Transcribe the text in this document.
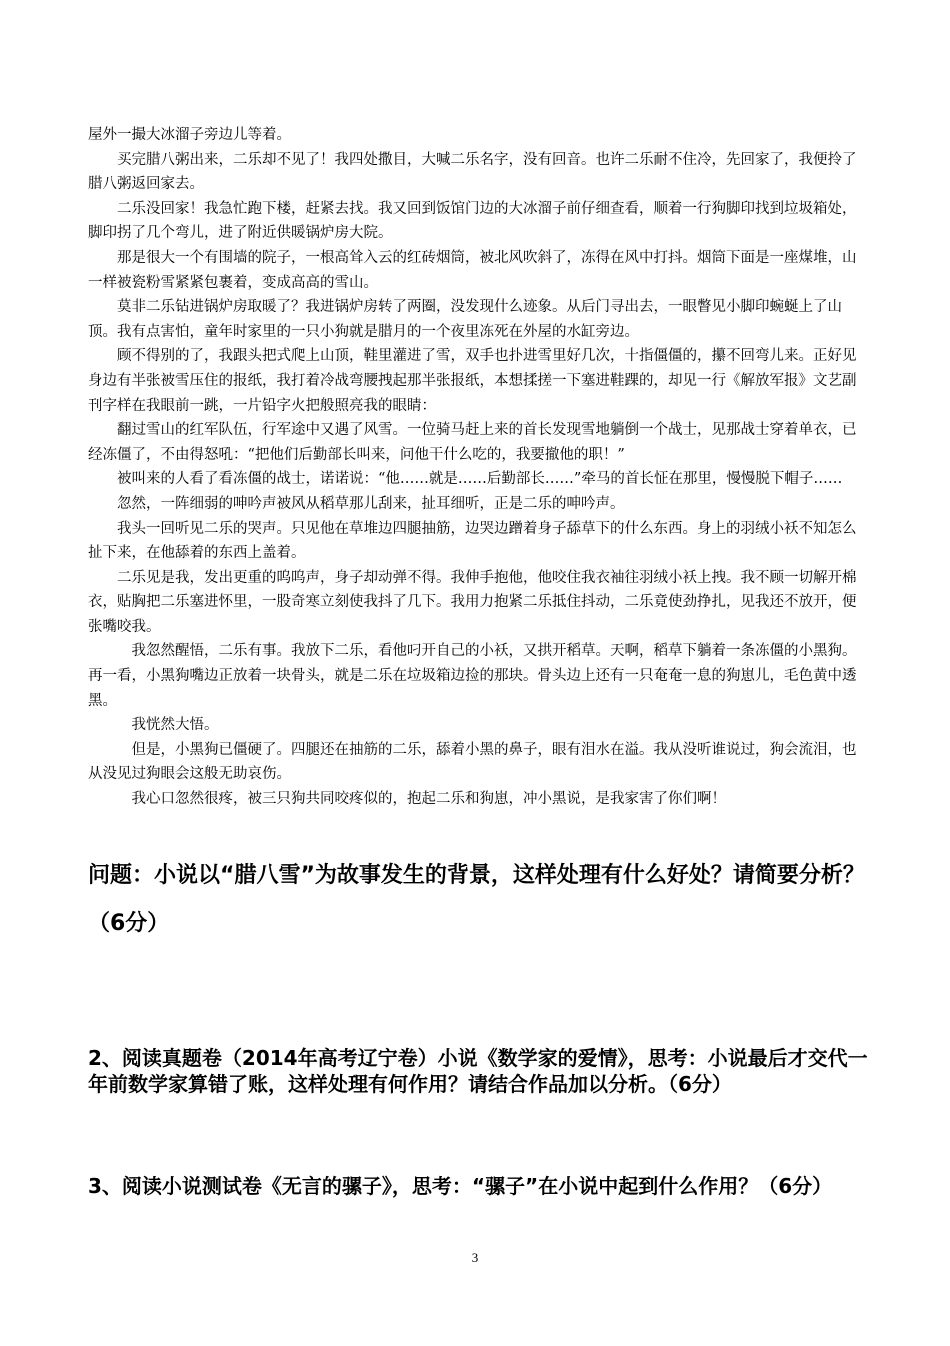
屋外一撮大冰溜子旁边儿等着。

买完腊八粥出来，二乐却不见了！我四处撒目，大喊二乐名字，没有回音。也许二乐耐不住冷，先回家了，我便拎了腊八粥返回家去。

二乐没回家！我急忙跑下楼，赶紧去找。我又回到饭馆门边的大冰溜子前仔细查看，顺着一行狗脚印找到垃圾箱处，脚印拐了几个弯儿，进了附近供暖锅炉房大院。

那是很大一个有围墙的院子，一根高耸入云的红砖烟筒，被北风吹斜了，冻得在风中打抖。烟筒下面是一座煤堆，山一样被瓷粉雪紧紧包裹着，变成高高的雪山。

莫非二乐钻进锅炉房取暖了？我进锅炉房转了两圈，没发现什么迹象。从后门寻出去，一眼瞥见小脚印蜿蜒上了山顶。我有点害怕，童年时家里的一只小狗就是腊月的一个夜里冻死在外屋的水缸旁边。

顾不得别的了，我跟头把式爬上山顶，鞋里灌进了雪，双手也扑进雪里好几次，十指僵僵的，攥不回弯儿来。正好见身边有半张被雪压住的报纸，我打着冷战弯腰拽起那半张报纸，本想揉搓一下塞进鞋踝的，却见一行《解放军报》文艺副刊字样在我眼前一跳，一片铅字火把般照亮我的眼睛：

翻过雪山的红军队伍，行军途中又遇了风雪。一位骑马赶上来的首长发现雪地躺倒一个战士，见那战士穿着单衣，已经冻僵了，不由得怒吼：“把他们后勤部长叫来，问他干什么吃的，我要撤他的职！”

被叫来的人看了看冻僵的战士，诺诺说：“他……就是……后勤部长……”牵马的首长怔在那里，慢慢脱下帽子……

忽然，一阵细弱的呻吟声被风从稻草那儿刮来，扯耳细听，正是二乐的呻吟声。

我头一回听见二乐的哭声。只见他在草堆边四腿抽筋，边哭边蹭着身子舔草下的什么东西。身上的羽绒小袄不知怎么扯下来，在他舔着的东西上盖着。

二乐见是我，发出更重的呜呜声，身子却动弹不得。我伸手抱他，他咬住我衣袖往羽绒小袄上拽。我不顾一切解开棉衣，贴胸把二乐塞进怀里，一股奇寒立刻使我抖了几下。我用力抱紧二乐抵住抖动，二乐竟使劲挣扎，见我还不放开，便张嘴咬我。

我忽然醒悟，二乐有事。我放下二乐，看他叼开自己的小袄，又拱开稻草。天啊，稻草下躺着一条冻僵的小黑狗。再一看，小黑狗嘴边正放着一块骨头，就是二乐在垃圾箱边捡的那块。骨头边上还有一只奄奄一息的狗崽儿，毛色黄中透黑。

我恍然大悟。

但是，小黑狗已僵硬了。四腿还在抽筋的二乐，舔着小黑的鼻子，眼有泪水在溢。我从没听谁说过，狗会流泪，也从没见过狗眼会这般无助哀伤。

我心口忽然很疼，被三只狗共同咬疼似的，抱起二乐和狗崽，冲小黑说，是我家害了你们啊！

问题：小说以“腊八雪”为故事发生的背景，这样处理有什么好处？请简要分析？（6分）

2、阅读真题卷（2014年高考辽宁卷）小说《数学家的爱情》，思考：小说最后才交代一年前数学家算错了账，这样处理有何作用？请结合作品加以分析。（6分）

3、阅读小说测试卷《无言的骡子》，思考：“骡子”在小说中起到什么作用？（6分）

3
